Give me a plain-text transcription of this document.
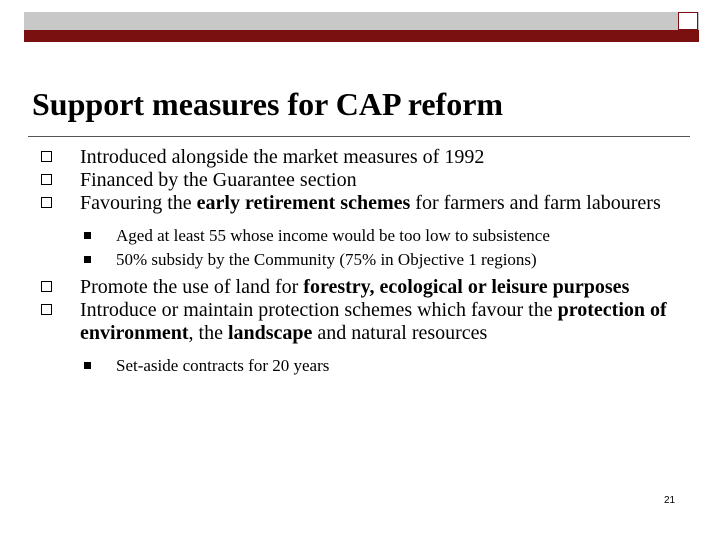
Support measures for CAP reform
Introduced alongside the market measures of 1992
Financed by the Guarantee section
Favouring the early retirement schemes for farmers and farm labourers
Aged at least 55 whose income would be too low to subsistence
50% subsidy by the Community (75% in Objective 1 regions)
Promote the use of land for forestry, ecological or leisure purposes
Introduce or maintain protection schemes which favour the protection of environment, the landscape and natural resources
Set-aside contracts for 20 years
21
